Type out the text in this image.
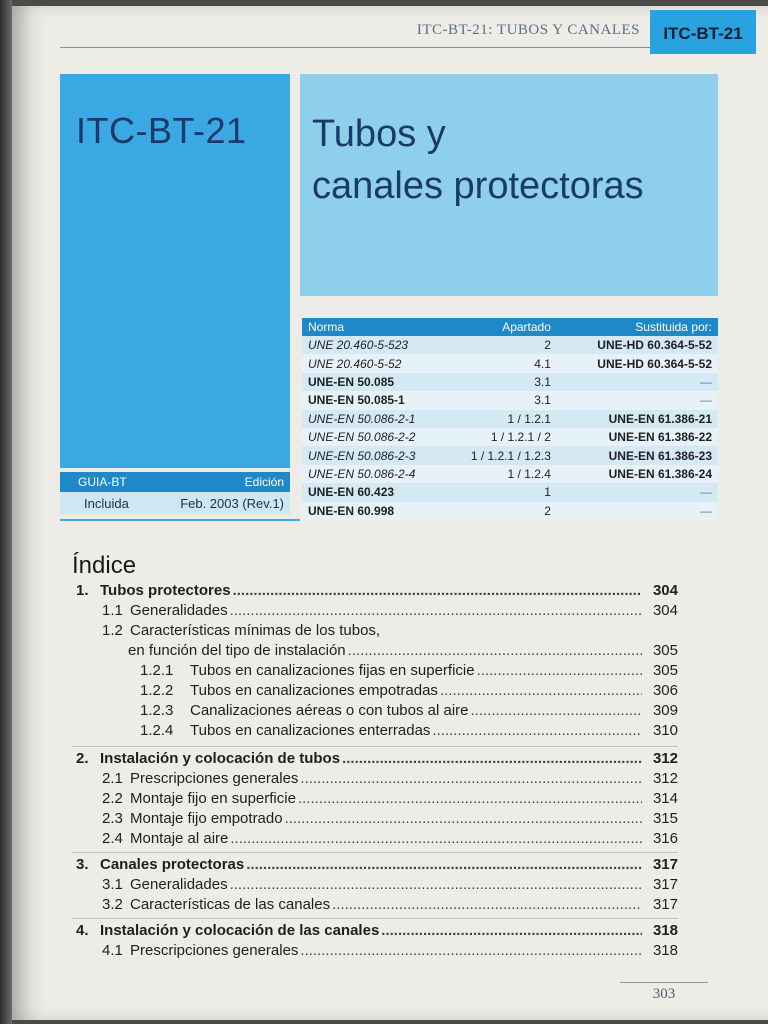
ITC-BT-21: TUBOS Y CANALES	ITC-BT-21
ITC-BT-21
GUIA-BT	Edición
Incluida	Feb. 2003 (Rev.1)
Tubos y
canales protectoras
Norma	Apartado	Sustituida por:
UNE 20.460-5-523	2	UNE-HD 60.364-5-52
UNE 20.460-5-52	4.1	UNE-HD 60.364-5-52
UNE-EN 50.085	3.1	—
UNE-EN 50.085-1	3.1	—
UNE-EN 50.086-2-1	1 / 1.2.1	UNE-EN 61.386-21
UNE-EN 50.086-2-2	1 / 1.2.1 / 2	UNE-EN 61.386-22
UNE-EN 50.086-2-3	1 / 1.2.1 / 1.2.3	UNE-EN 61.386-23
UNE-EN 50.086-2-4	1 / 1.2.4	UNE-EN 61.386-24
UNE-EN 60.423	1	—
UNE-EN 60.998	2	—
Índice
1. Tubos protectores .....	304
1.1 Generalidades .....	304
1.2 Características mínimas de los tubos,
en función del tipo de instalación .....	305
1.2.1	Tubos en canalizaciones fijas en superficie .....	305
1.2.2	Tubos en canalizaciones empotradas .....	306
1.2.3	Canalizaciones aéreas o con tubos al aire .....	309
1.2.4	Tubos en canalizaciones enterradas .....	310
2. Instalación y colocación de tubos .....	312
2.1 Prescripciones generales .....	312
2.2 Montaje fijo en superficie .....	314
2.3 Montaje fijo empotrado .....	315
2.4 Montaje al aire .....	316
3. Canales protectoras .....	317
3.1 Generalidades .....	317
3.2 Características de las canales .....	317
4. Instalación y colocación de las canales .....	318
4.1 Prescripciones generales .....	318
303
